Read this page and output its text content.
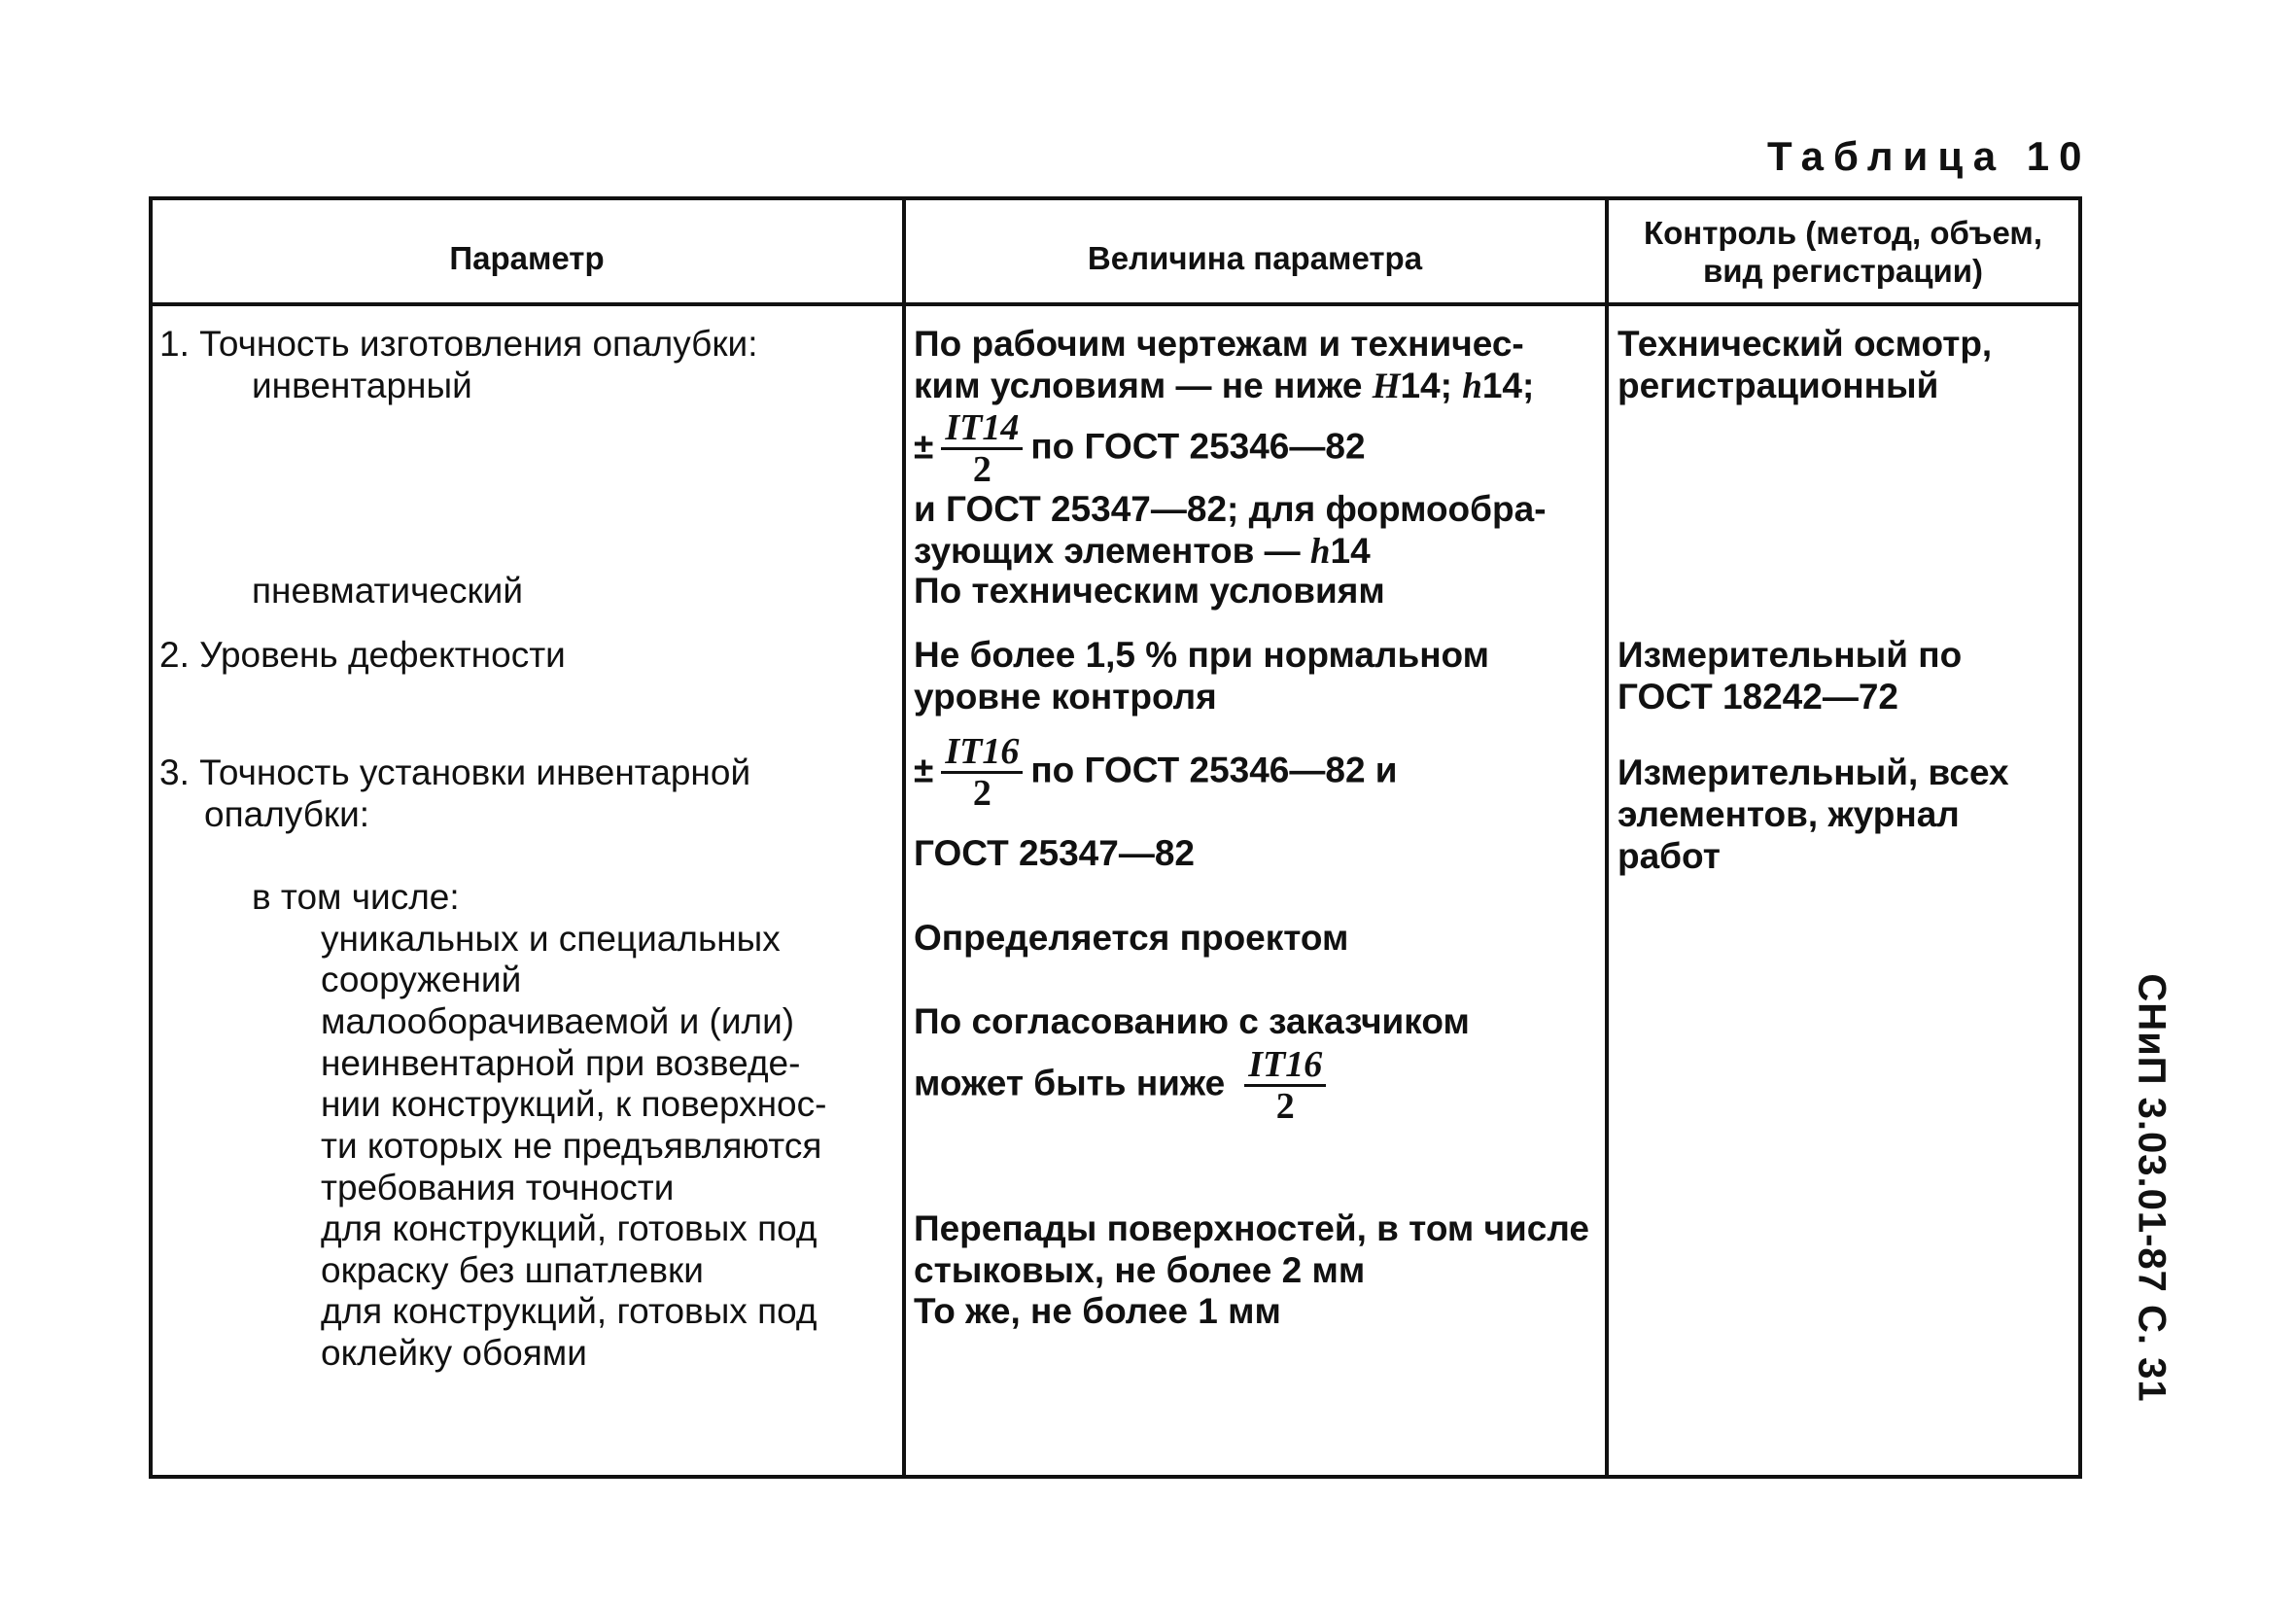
Таблица 10
СНиП 3.03.01-87 С. 31
Параметр	Величина параметра
Контроль (метод, объем,
вид регистрации)
1. Точность изготовления опалубки:
инвентарный
пневматический
По рабочим чертежам и техничес-
ким условиям — не ниже H14; h14;
± $\frac{IT14}{2}$ по ГОСТ 25346—82
и ГОСТ 25347—82; для формообра-
зующих элементов — h14
По техническим условиям
Технический осмотр,
регистрационный
2. Уровень дефектности	Не более 1,5 % при нормальном
уровне контроля
Измерительный по
ГОСТ 18242—72
3. Точность установки инвентарной
опалубки:
в том числе:
уникальных и специальных
сооружений
малооборачиваемой и (или)
неинвентарной при возведе-
нии конструкций, к поверхнос-
ти которых не предъявляются
требования точности
для конструкций, готовых под
окраску без шпатлевки
для конструкций, готовых под
оклейку обоями
± $\frac{IT16}{2}$ по ГОСТ 25346—82 и
ГОСТ 25347—82
Определяется проектом
По согласованию с заказчиком
может быть ниже $\frac{IT16}{2}$
Перепады поверхностей, в том числе
стыковых, не более 2 мм
То же, не более 1 мм
Измерительный, всех
элементов, журнал
работ
